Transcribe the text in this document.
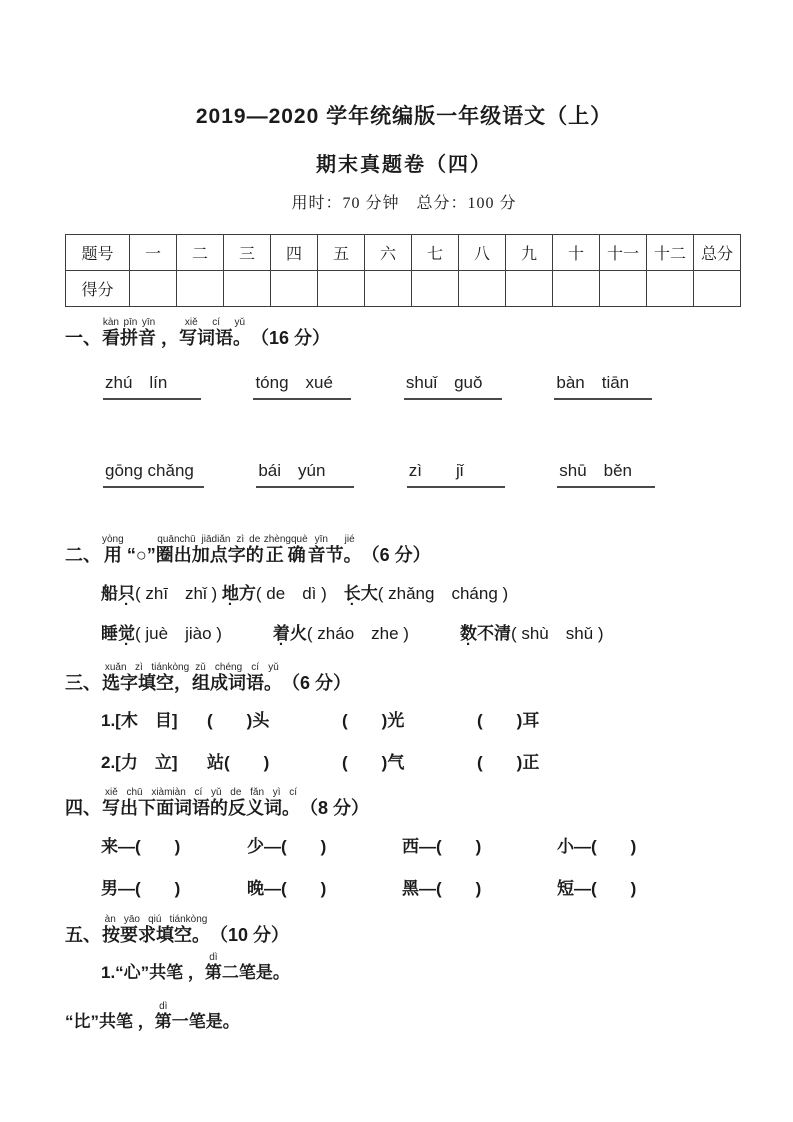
2019—2020 学年统编版一年级语文（上）
期末真题卷（四）
用时：70 分钟　总分：100 分
题号	一	二	三	四	五	六	七	八	九	十	十一	十二	总分
得分													
一、 看拼音kàn pīn yīn ，写词语。xiě cí yǔ（16 分）
zhú　lín	tóng　xué	shuǐ　guǒ	bàn　tiān
gōng chǎng	bái　yún	zì　　jǐ	shū　běn
二、 用yòng “○”圈出加点字quānchū jiādiǎn zì的de正确zhèngquè音节。yīn jié（6 分）
船只( zhī　zhǐ ) 地方( de　dì )　长大( zhǎng　cháng )
睡觉( juè　jiào )　　　	着火( zháo　zhe )　　　	数不清( shù　shǔ )
三、 选字填空，xuǎn zì tiánkòng组成词语。zǔ chéng cí yǔ（6 分）
1.[木　目]	(　　)头	(　　)光	(　　)耳
2.[力　立]	站(　　)	(　　)气	(　　)正
四、 写出下面词语的反义词。xiě chū xiàmiàn cí yǔ de fǎn yì cí（8 分）
来—(　　)	少—(　　)	西—(　　)	小—(　　)
男—(　　)	晚—(　　)	黑—(　　)	短—(　　)
五、 按要求填空。àn yāo qiú tiánkòng（10 分）
1.“心”共笔 ，第dì二笔是。
“比”共笔 ，第dì一笔是。
